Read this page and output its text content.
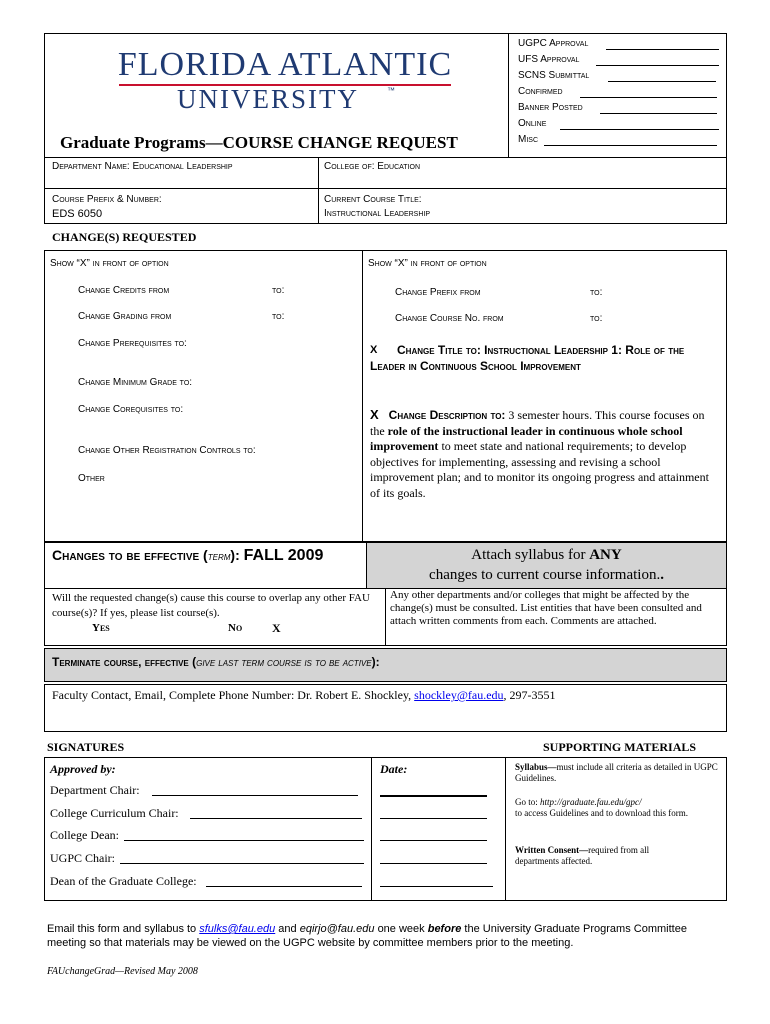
FLORIDA ATLANTIC
UNIVERSITY	™
Graduate Programs—COURSE CHANGE REQUEST
UGPC Approval
UFS Approval
SCNS Submittal
Confirmed
Banner Posted
Online
Misc
Department Name: Educational Leadership	College of: Education
Course Prefix & Number:
EDS 6050
Current Course Title:
Instructional Leadership
CHANGE(S) REQUESTED
Show “X” in front of option	Show “X” in front of option
Change Credits from	to:
Change Grading from	to:
Change Prerequisites to:
Change Minimum Grade to:
Change Corequisites to:
Change Other Registration Controls to:
Other
Change Prefix from	to:
Change Course No. from	to:
X	Change Title to: Instructional Leadership 1: Role of the Leader in Continuous School Improvement
X Change Description to: 3 semester hours. This course focuses on the role of the instructional leader in continuous whole school improvement to meet state and national requirements; to develop objectives for implementing, assessing and revising a school improvement plan; and to monitor its ongoing progress and attainment of its goals.
Changes to be effective (term): FALL 2009	Attach syllabus for ANY
changes to current course information..
Will the requested change(s) cause this course to overlap any other FAU course(s)? If yes, please list course(s).
Yes	No X
Any other departments and/or colleges that might be affected by the change(s) must be consulted. List entities that have been consulted and attach written comments from each. Comments are attached.
Terminate course, effective (give last term course is to be active):
Faculty Contact, Email, Complete Phone Number: Dr. Robert E. Shockley, shockley@fau.edu, 297-3551
SIGNATURES	SUPPORTING MATERIALS
Approved by:	Date:
Department Chair:
College Curriculum Chair:
College Dean:
UGPC Chair:
Dean of the Graduate College:
Syllabus—must include all criteria as detailed in UGPC Guidelines.
Go to: http://graduate.fau.edu/gpc/
to access Guidelines and to download this form.
Written Consent—required from all departments affected.
Email this form and syllabus to sfulks@fau.edu and eqirjo@fau.edu one week before the University Graduate Programs Committee meeting so that materials may be viewed on the UGPC website by committee members prior to the meeting.
FAUchangeGrad—Revised May 2008
